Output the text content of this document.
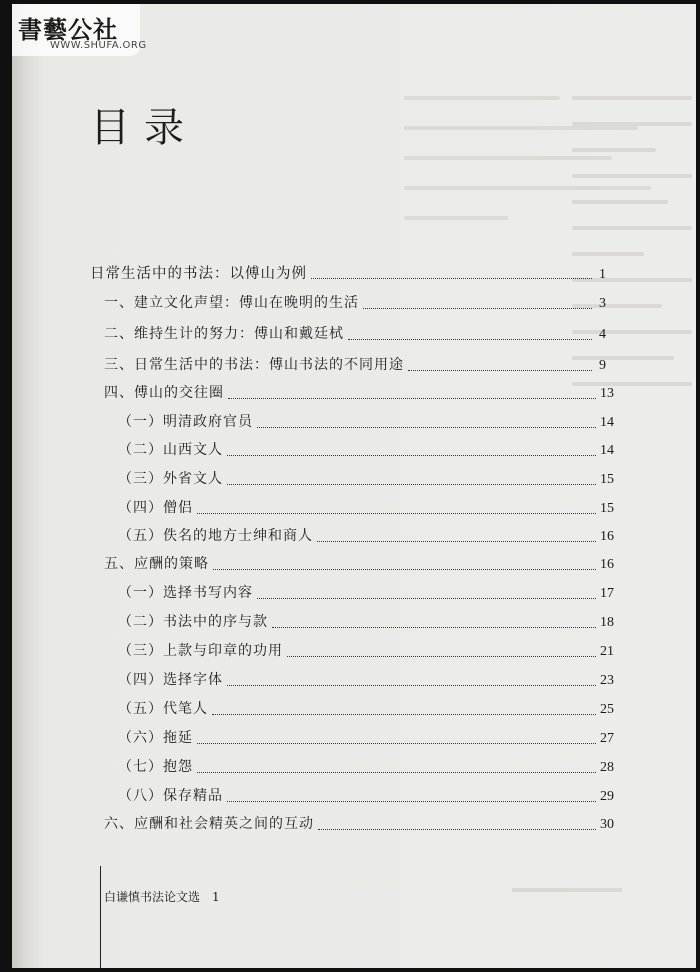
書藝公社
WWW.SHUFA.ORG
目录
日常生活中的书法：以傅山为例	1
一、建立文化声望：傅山在晚明的生活	3
二、维持生计的努力：傅山和戴廷栻	4
三、日常生活中的书法：傅山书法的不同用途	9
四、傅山的交往圈	13
（一）明清政府官员	14
（二）山西文人	14
（三）外省文人	15
（四）僧侣	15
（五）佚名的地方士绅和商人	16
五、应酬的策略	16
（一）选择书写内容	17
（二）书法中的序与款	18
（三）上款与印章的功用	21
（四）选择字体	23
（五）代笔人	25
（六）拖延	27
（七）抱怨	28
（八）保存精品	29
六、应酬和社会精英之间的互动	30
白谦慎书法论文选　1
